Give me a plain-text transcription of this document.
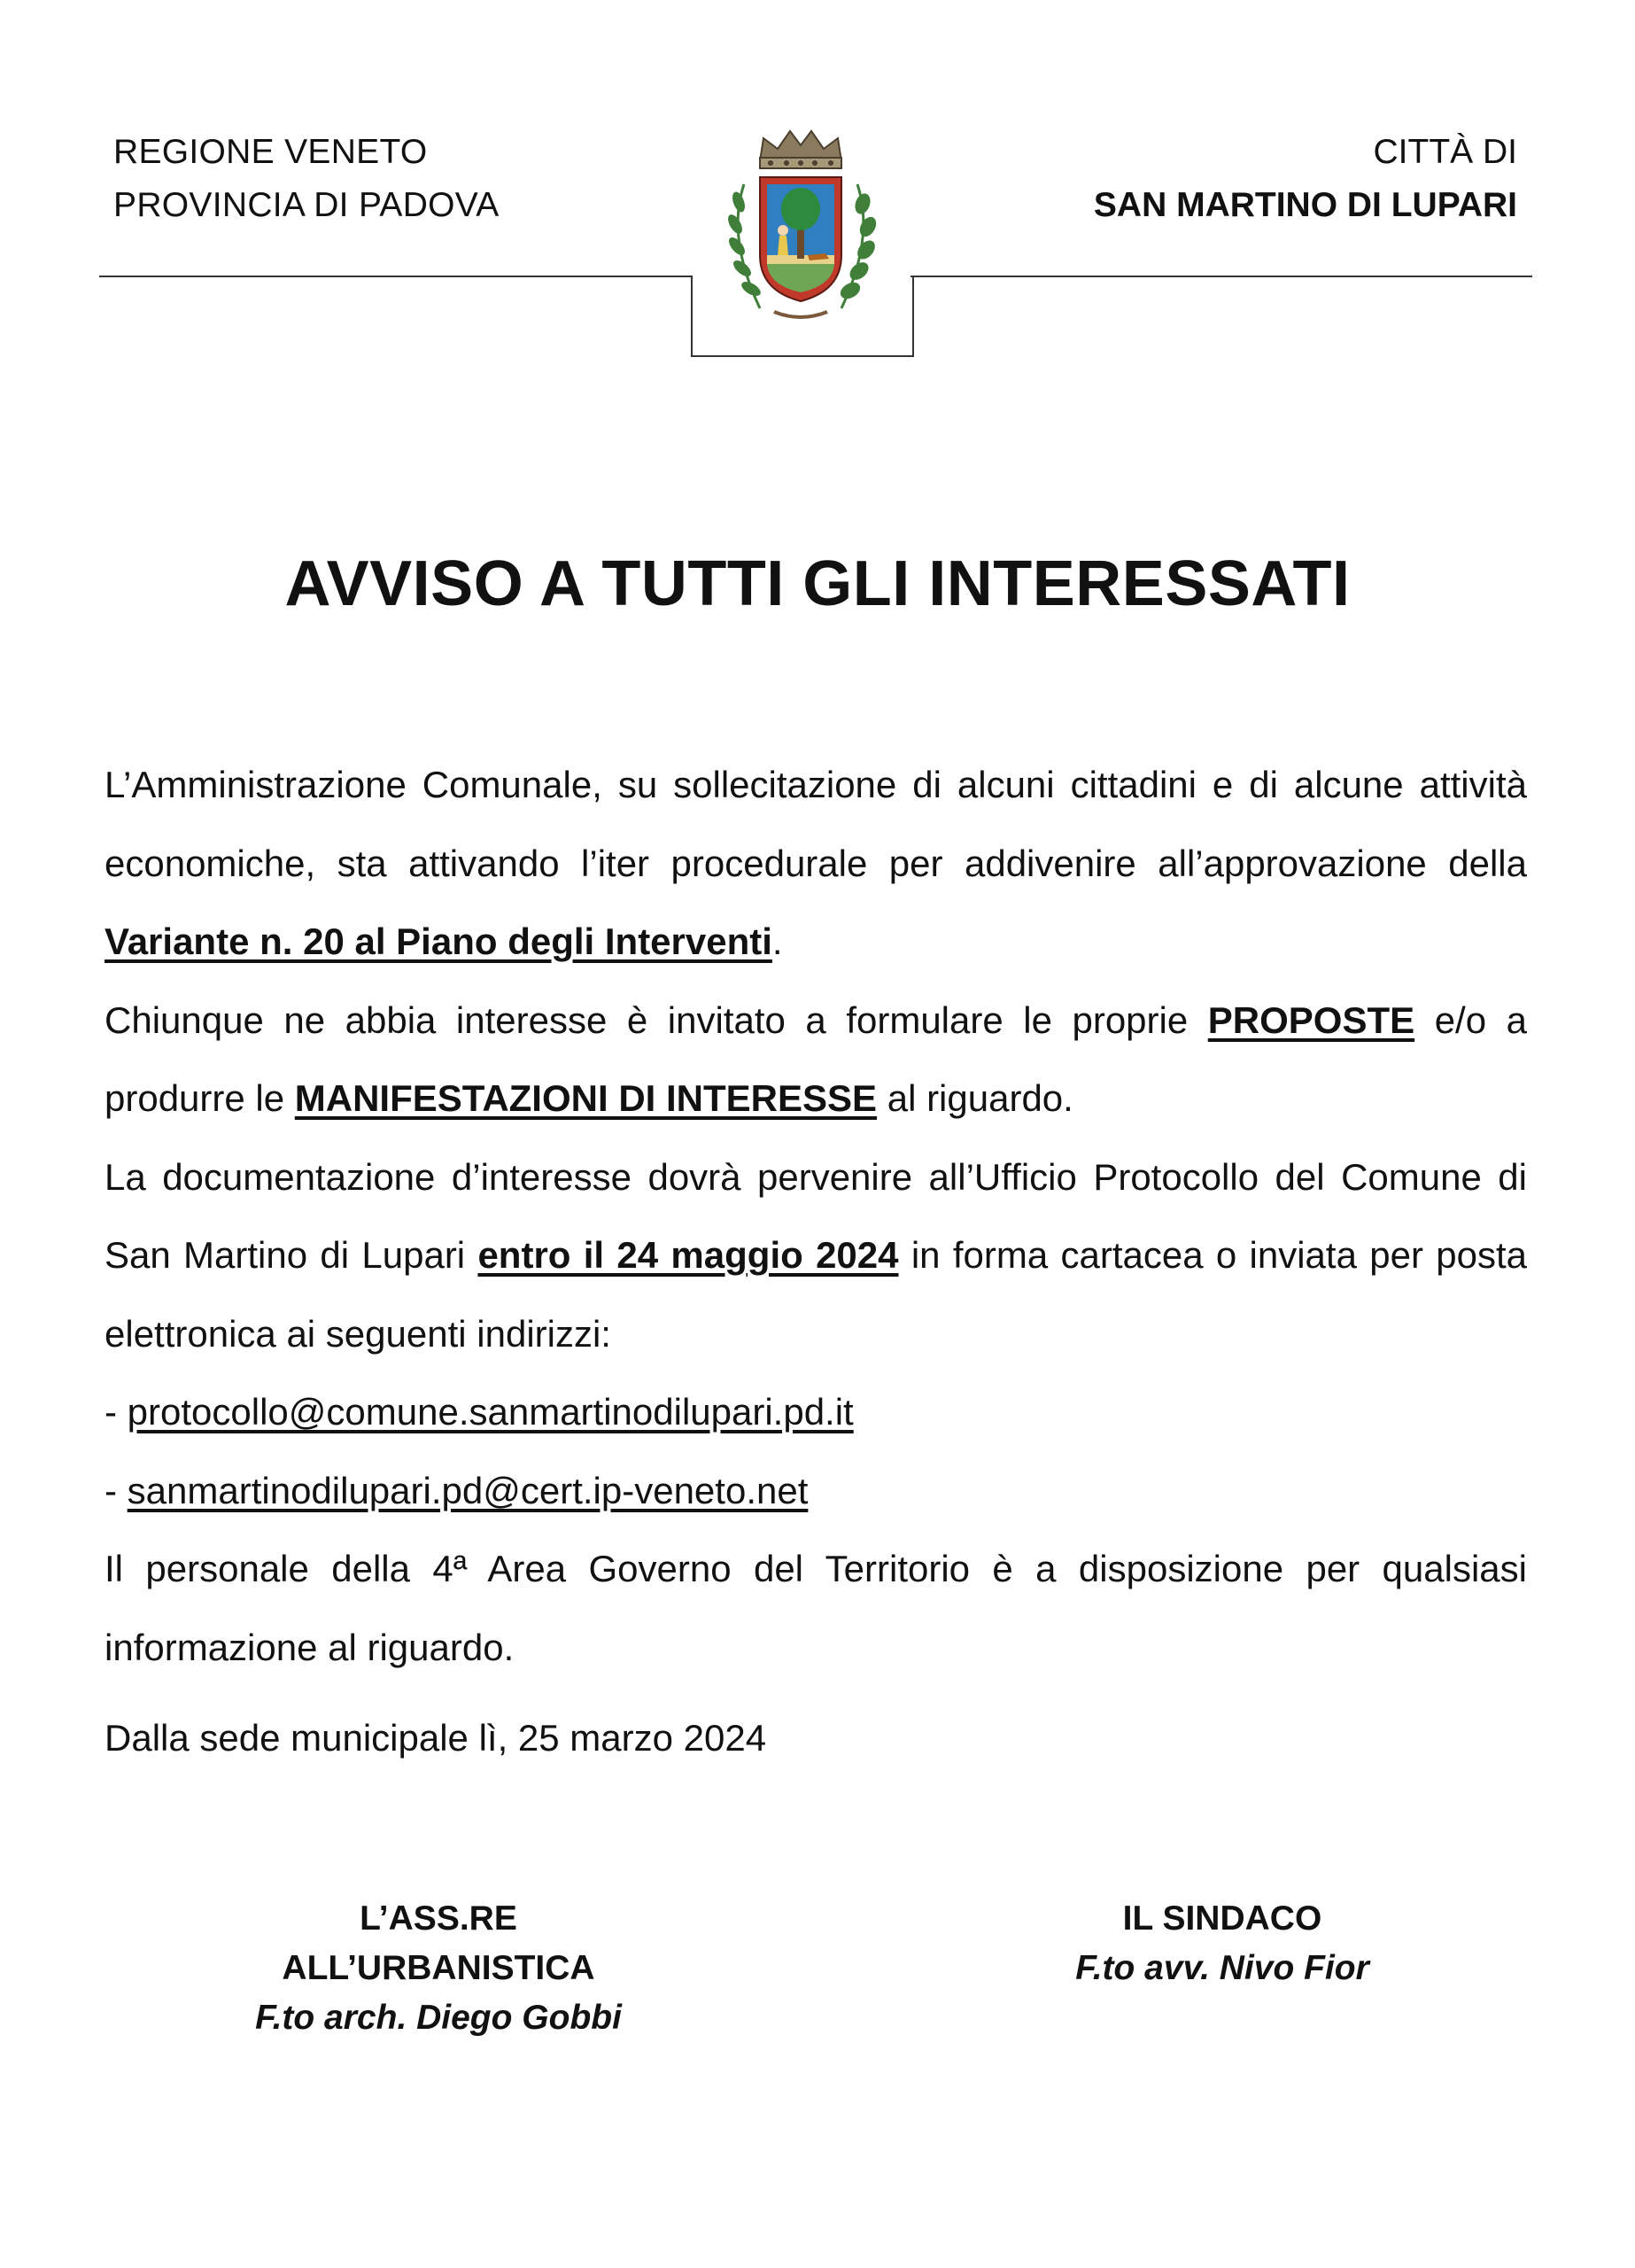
REGIONE VENETO
PROVINCIA DI PADOVA
CITTÀ DI
SAN MARTINO DI LUPARI
AVVISO A TUTTI GLI INTERESSATI

L’Amministrazione Comunale, su sollecitazione di alcuni cittadini e di alcune attività economiche, sta attivando l’iter procedurale per addivenire all’approvazione della Variante n. 20 al Piano degli Interventi.

Chiunque ne abbia interesse è invitato a formulare le proprie PROPOSTE e/o a produrre le MANIFESTAZIONI DI INTERESSE al riguardo.

La documentazione d’interesse dovrà pervenire all’Ufficio Protocollo del Comune di San Martino di Lupari entro il 24 maggio 2024 in forma cartacea o inviata per posta elettronica ai seguenti indirizzi:

- protocollo@comune.sanmartinodilupari.pd.it

- sanmartinodilupari.pd@cert.ip-veneto.net

Il personale della 4ª Area Governo del Territorio è a disposizione per qualsiasi informazione al riguardo.

Dalla sede municipale lì, 25 marzo 2024
L’ASS.RE ALL’URBANISTICA
F.to arch. Diego Gobbi
IL SINDACO
F.to avv. Nivo Fior
